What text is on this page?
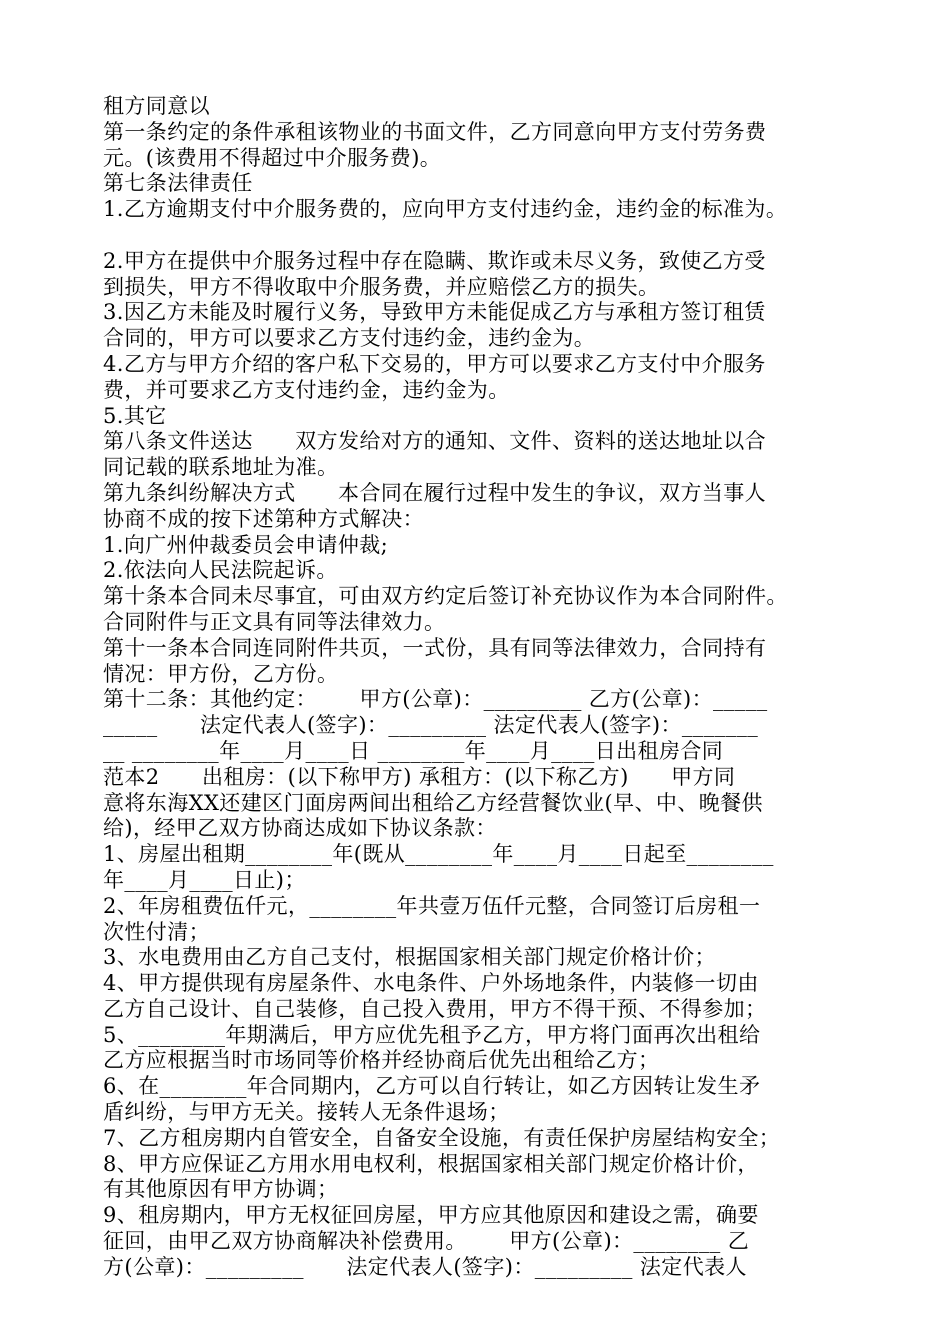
租方同意以
第一条约定的条件承租该物业的书面文件，乙方同意向甲方支付劳务费
元。(该费用不得超过中介服务费)。
第七条法律责任
1.乙方逾期支付中介服务费的，应向甲方支付违约金，违约金的标准为。
2.甲方在提供中介服务过程中存在隐瞒、欺诈或未尽义务，致使乙方受
到损失，甲方不得收取中介服务费，并应赔偿乙方的损失。
3.因乙方未能及时履行义务，导致甲方未能促成乙方与承租方签订租赁
合同的，甲方可以要求乙方支付违约金，违约金为。
4.乙方与甲方介绍的客户私下交易的，甲方可以要求乙方支付中介服务
费，并可要求乙方支付违约金，违约金为。
5.其它
第八条文件送达      双方发给对方的通知、文件、资料的送达地址以合
同记载的联系地址为准。
第九条纠纷解决方式      本合同在履行过程中发生的争议，双方当事人
协商不成的按下述第种方式解决：
1.向广州仲裁委员会申请仲裁;
2.依法向人民法院起诉。
第十条本合同未尽事宜，可由双方约定后签订补充协议作为本合同附件。
合同附件与正文具有同等法律效力。
第十一条本合同连同附件共页，一式份，具有同等法律效力，合同持有
情况：甲方份，乙方份。
第十二条：其他约定：      甲方(公章)：_________ 乙方(公章)：_____
_____      法定代表人(签字)：_________ 法定代表人(签字)：_______
__ ________年____月____日 ________年____月____日出租房合同
范本2      出租房：(以下称甲方) 承租方：(以下称乙方)      甲方同
意将东海XX还建区门面房两间出租给乙方经营餐饮业(早、中、晚餐供
给)，经甲乙双方协商达成如下协议条款：
1、房屋出租期________年(既从________年____月____日起至________
年____月____日止)；
2、年房租费伍仟元，________年共壹万伍仟元整，合同签订后房租一
次性付清；
3、水电费用由乙方自己支付，根据国家相关部门规定价格计价；
4、甲方提供现有房屋条件、水电条件、户外场地条件，内装修一切由
乙方自己设计、自己装修，自己投入费用，甲方不得干预、不得参加；
5、________年期满后，甲方应优先租予乙方，甲方将门面再次出租给
乙方应根据当时市场同等价格并经协商后优先出租给乙方；
6、在________年合同期内，乙方可以自行转让，如乙方因转让发生矛
盾纠纷，与甲方无关。接转人无条件退场；
7、乙方租房期内自管安全，自备安全设施，有责任保护房屋结构安全；
8、甲方应保证乙方用水用电权利，根据国家相关部门规定价格计价，
有其他原因有甲方协调；
9、租房期内，甲方无权征回房屋，甲方应其他原因和建设之需，确要
征回，由甲乙双方协商解决补偿费用。      甲方(公章)：________ 乙
方(公章)：_________      法定代表人(签字)：_________ 法定代表人
